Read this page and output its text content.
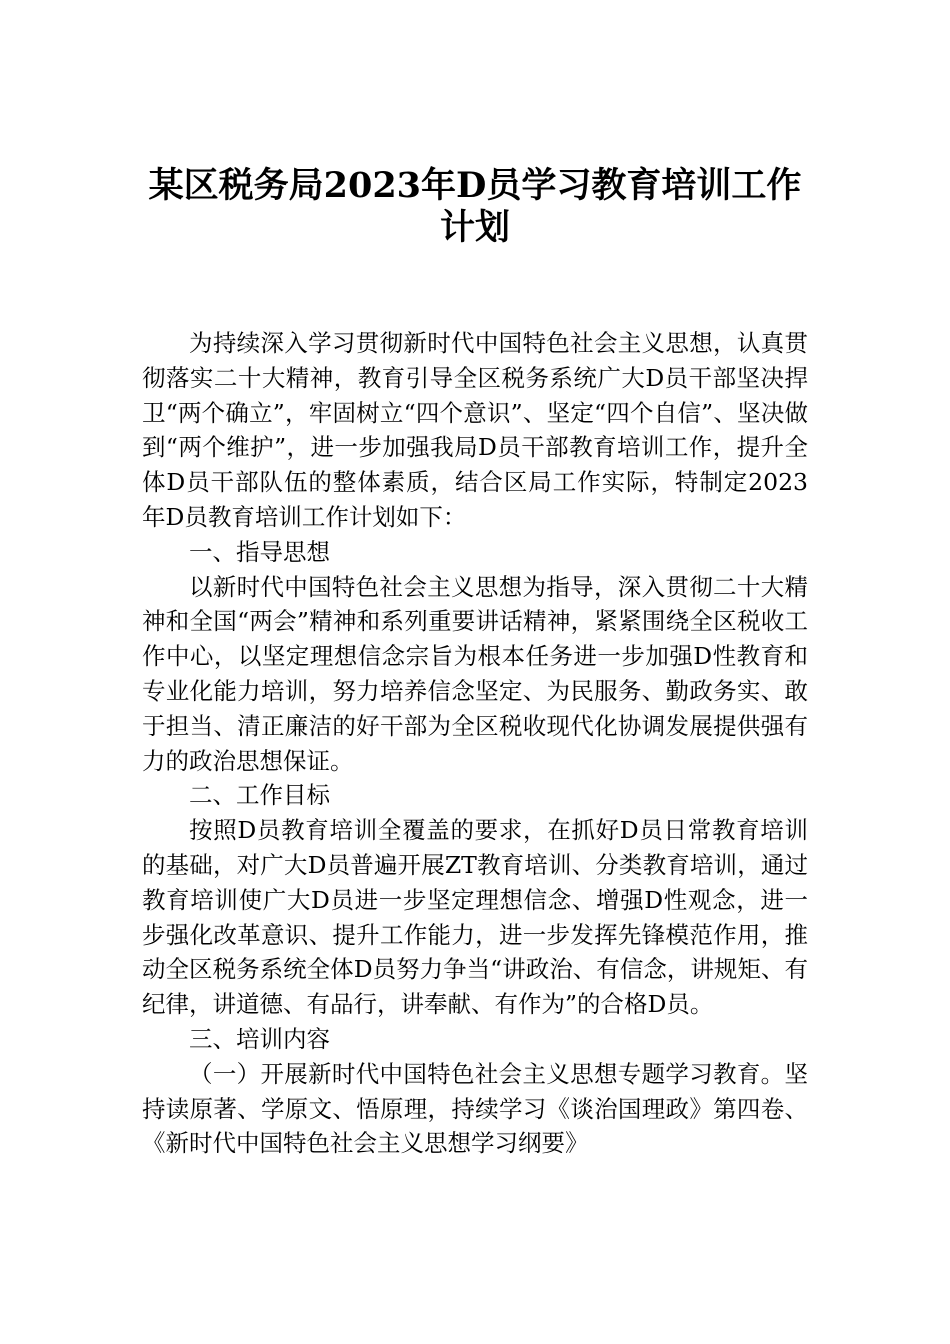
某区税务局2023年D员学习教育培训工作
计划

为持续深入学习贯彻新时代中国特色社会主义思想，认真贯彻落实二十大精神，教育引导全区税务系统广大D员干部坚决捍卫“两个确立”，牢固树立“四个意识”、坚定“四个自信”、坚决做到“两个维护”，进一步加强我局D员干部教育培训工作，提升全体D员干部队伍的整体素质，结合区局工作实际，特制定2023年D员教育培训工作计划如下：

一、指导思想

以新时代中国特色社会主义思想为指导，深入贯彻二十大精神和全国“两会”精神和系列重要讲话精神，紧紧围绕全区税收工作中心，以坚定理想信念宗旨为根本任务进一步加强D性教育和专业化能力培训，努力培养信念坚定、为民服务、勤政务实、敢于担当、清正廉洁的好干部为全区税收现代化协调发展提供强有力的政治思想保证。

二、工作目标

按照D员教育培训全覆盖的要求，在抓好D员日常教育培训的基础，对广大D员普遍开展ZT教育培训、分类教育培训，通过教育培训使广大D员进一步坚定理想信念、增强D性观念，进一步强化改革意识、提升工作能力，进一步发挥先锋模范作用，推动全区税务系统全体D员努力争当“讲政治、有信念，讲规矩、有纪律，讲道德、有品行，讲奉献、有作为”的合格D员。

三、培训内容

（一）开展新时代中国特色社会主义思想专题学习教育。坚持读原著、学原文、悟原理，持续学习《谈治国理政》第四卷、《新时代中国特色社会主义思想学习纲要》
